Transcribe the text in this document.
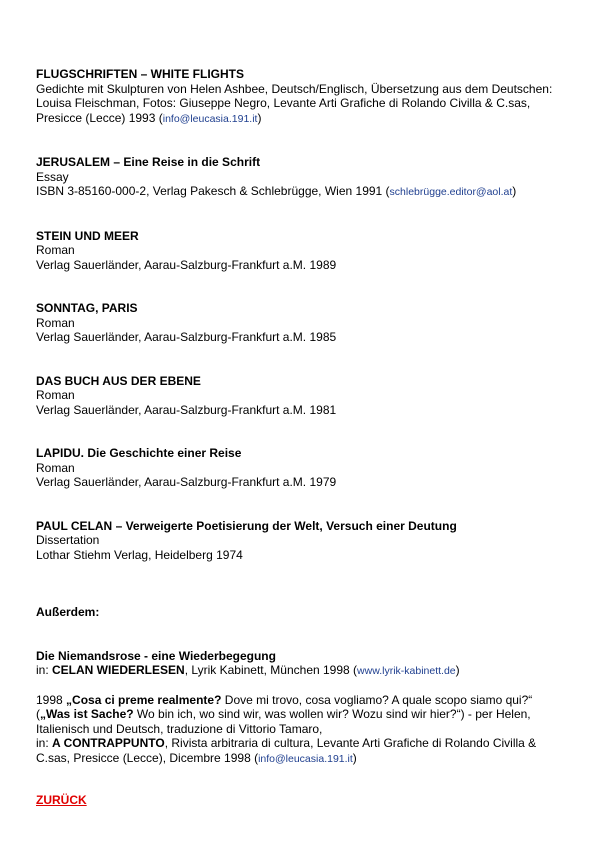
FLUGSCHRIFTEN – WHITE FLIGHTS
Gedichte mit Skulpturen von Helen Ashbee, Deutsch/Englisch, Übersetzung aus dem Deutschen:
Louisa Fleischman, Fotos: Giuseppe Negro, Levante Arti Grafiche di Rolando Civilla & C.sas,
Presicce (Lecce) 1993 (info@leucasia.191.it)
JERUSALEM – Eine Reise in die Schrift
Essay
ISBN 3-85160-000-2, Verlag Pakesch & Schlebrügge, Wien 1991 (schlebrügge.editor@aol.at)
STEIN UND MEER
Roman
Verlag Sauerländer, Aarau-Salzburg-Frankfurt a.M. 1989
SONNTAG, PARIS
Roman
Verlag Sauerländer, Aarau-Salzburg-Frankfurt a.M. 1985
DAS BUCH AUS DER EBENE
Roman
Verlag Sauerländer, Aarau-Salzburg-Frankfurt a.M. 1981
LAPIDU. Die Geschichte einer Reise
Roman
Verlag Sauerländer, Aarau-Salzburg-Frankfurt a.M. 1979
PAUL CELAN – Verweigerte Poetisierung der Welt, Versuch einer Deutung
Dissertation
Lothar Stiehm Verlag, Heidelberg 1974
Außerdem:
Die Niemandsrose - eine Wiederbegegung
in: CELAN WIEDERLESEN, Lyrik Kabinett, München 1998 (www.lyrik-kabinett.de)
1998 „Cosa ci preme realmente? Dove mi trovo, cosa vogliamo? A quale scopo siamo qui?“
(„Was ist Sache? Wo bin ich, wo sind wir, was wollen wir? Wozu sind wir hier?“) - per Helen,
Italienisch und Deutsch, traduzione di Vittorio Tamaro,
in: A CONTRAPPUNTO, Rivista arbitraria di cultura, Levante Arti Grafiche di Rolando Civilla &
C.sas, Presicce (Lecce), Dicembre 1998 (info@leucasia.191.it)
ZURÜCK
